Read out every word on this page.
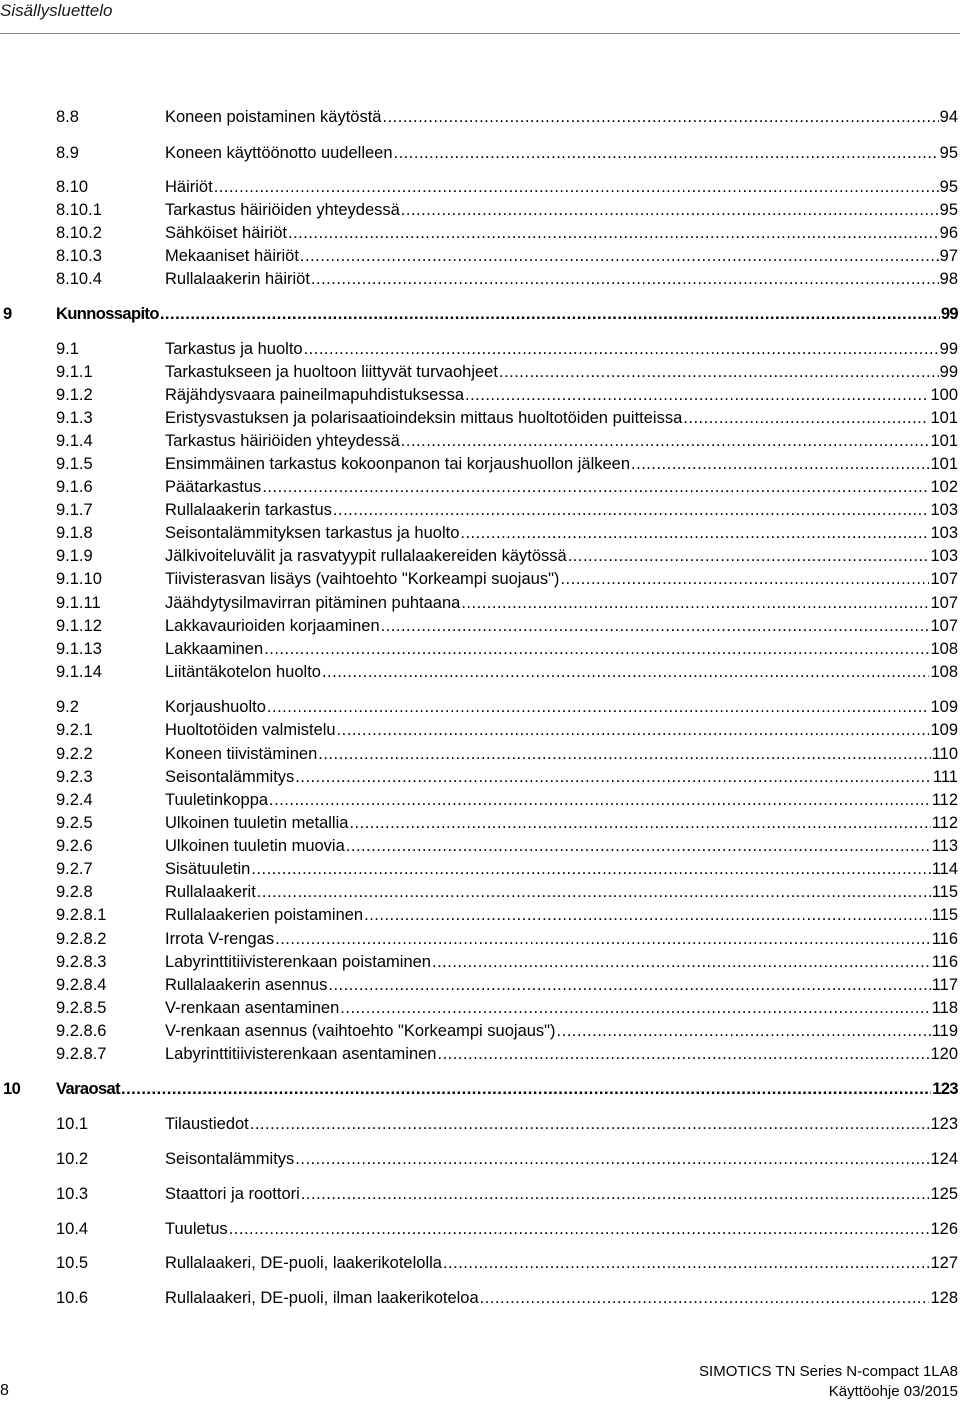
Sisällysluettelo
8.8	Koneen poistaminen käytöstä .....	94
8.9	Koneen käyttöönotto uudelleen .....	95
8.10	Häiriöt .....	95
8.10.1	Tarkastus häiriöiden yhteydessä .....	95
8.10.2	Sähköiset häiriöt .....	96
8.10.3	Mekaaniset häiriöt .....	97
8.10.4	Rullalaakerin häiriöt .....	98
9	Kunnossapito .....	99
9.1	Tarkastus ja huolto .....	99
9.1.1	Tarkastukseen ja huoltoon liittyvät turvaohjeet .....	99
9.1.2	Räjähdysvaara paineilmapuhdistuksessa .....	100
9.1.3	Eristysvastuksen ja polarisaatioindeksin mittaus huoltotöiden puitteissa .....	101
9.1.4	Tarkastus häiriöiden yhteydessä .....	101
9.1.5	Ensimmäinen tarkastus kokoonpanon tai korjaushuollon jälkeen .....	101
9.1.6	Päätarkastus .....	102
9.1.7	Rullalaakerin tarkastus .....	103
9.1.8	Seisontalämmityksen tarkastus ja huolto .....	103
9.1.9	Jälkivoiteluvälit ja rasvatyypit rullalaakereiden käytössä .....	103
9.1.10	Tiivisterasvan lisäys (vaihtoehto "Korkeampi suojaus") .....	107
9.1.11	Jäähdytysilmavirran pitäminen puhtaana .....	107
9.1.12	Lakkavaurioiden korjaaminen .....	107
9.1.13	Lakkaaminen .....	108
9.1.14	Liitäntäkotelon huolto .....	108
9.2	Korjaushuolto .....	109
9.2.1	Huoltotöiden valmistelu .....	109
9.2.2	Koneen tiivistäminen .....	110
9.2.3	Seisontalämmitys .....	111
9.2.4	Tuuletinkoppa .....	112
9.2.5	Ulkoinen tuuletin metallia .....	112
9.2.6	Ulkoinen tuuletin muovia .....	113
9.2.7	Sisätuuletin .....	114
9.2.8	Rullalaakerit .....	115
9.2.8.1	Rullalaakerien poistaminen .....	115
9.2.8.2	Irrota V-rengas .....	116
9.2.8.3	Labyrinttitiivisterenkaan poistaminen .....	116
9.2.8.4	Rullalaakerin asennus .....	117
9.2.8.5	V-renkaan asentaminen .....	118
9.2.8.6	V-renkaan asennus (vaihtoehto "Korkeampi suojaus") .....	119
9.2.8.7	Labyrinttitiivisterenkaan asentaminen .....	120
10 Varaosat .....	123
10.1	Tilaustiedot .....	123
10.2	Seisontalämmitys .....	124
10.3	Staattori ja roottori .....	125
10.4	Tuuletus .....	126
10.5	Rullalaakeri, DE-puoli, laakerikotelolla .....	127
10.6	Rullalaakeri, DE-puoli, ilman laakerikoteloa .....	128
8
SIMOTICS TN Series N-compact 1LA8
Käyttöohje 03/2015
